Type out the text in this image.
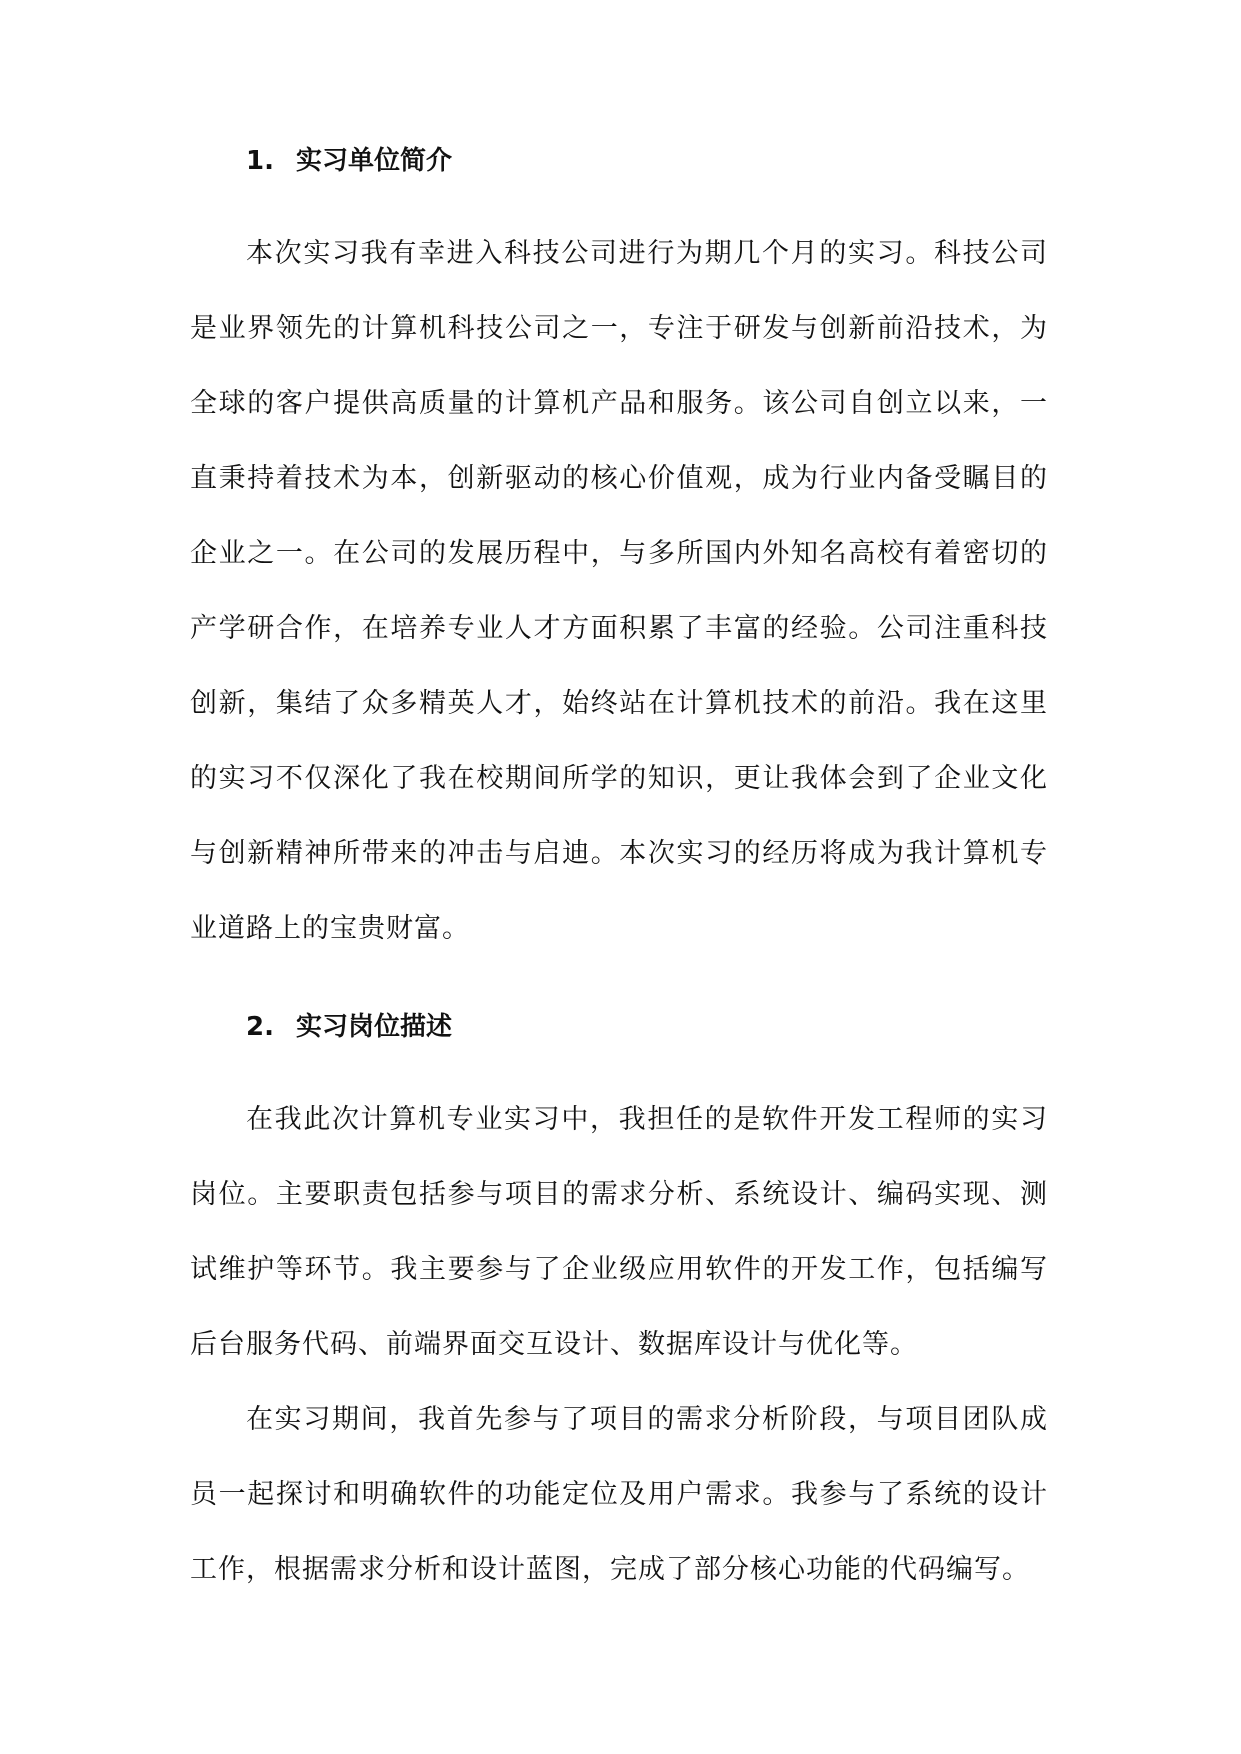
1. 实习单位简介

本次实习我有幸进入科技公司进行为期几个月的实习。科技公司是业界领先的计算机科技公司之一，专注于研发与创新前沿技术，为全球的客户提供高质量的计算机产品和服务。该公司自创立以来，一直秉持着技术为本，创新驱动的核心价值观，成为行业内备受瞩目的企业之一。在公司的发展历程中，与多所国内外知名高校有着密切的产学研合作，在培养专业人才方面积累了丰富的经验。公司注重科技创新，集结了众多精英人才，始终站在计算机技术的前沿。我在这里的实习不仅深化了我在校期间所学的知识，更让我体会到了企业文化与创新精神所带来的冲击与启迪。本次实习的经历将成为我计算机专业道路上的宝贵财富。

2. 实习岗位描述

在我此次计算机专业实习中，我担任的是软件开发工程师的实习岗位。主要职责包括参与项目的需求分析、系统设计、编码实现、测试维护等环节。我主要参与了企业级应用软件的开发工作，包括编写后台服务代码、前端界面交互设计、数据库设计与优化等。

在实习期间，我首先参与了项目的需求分析阶段，与项目团队成员一起探讨和明确软件的功能定位及用户需求。我参与了系统的设计工作，根据需求分析和设计蓝图，完成了部分核心功能的代码编写。
